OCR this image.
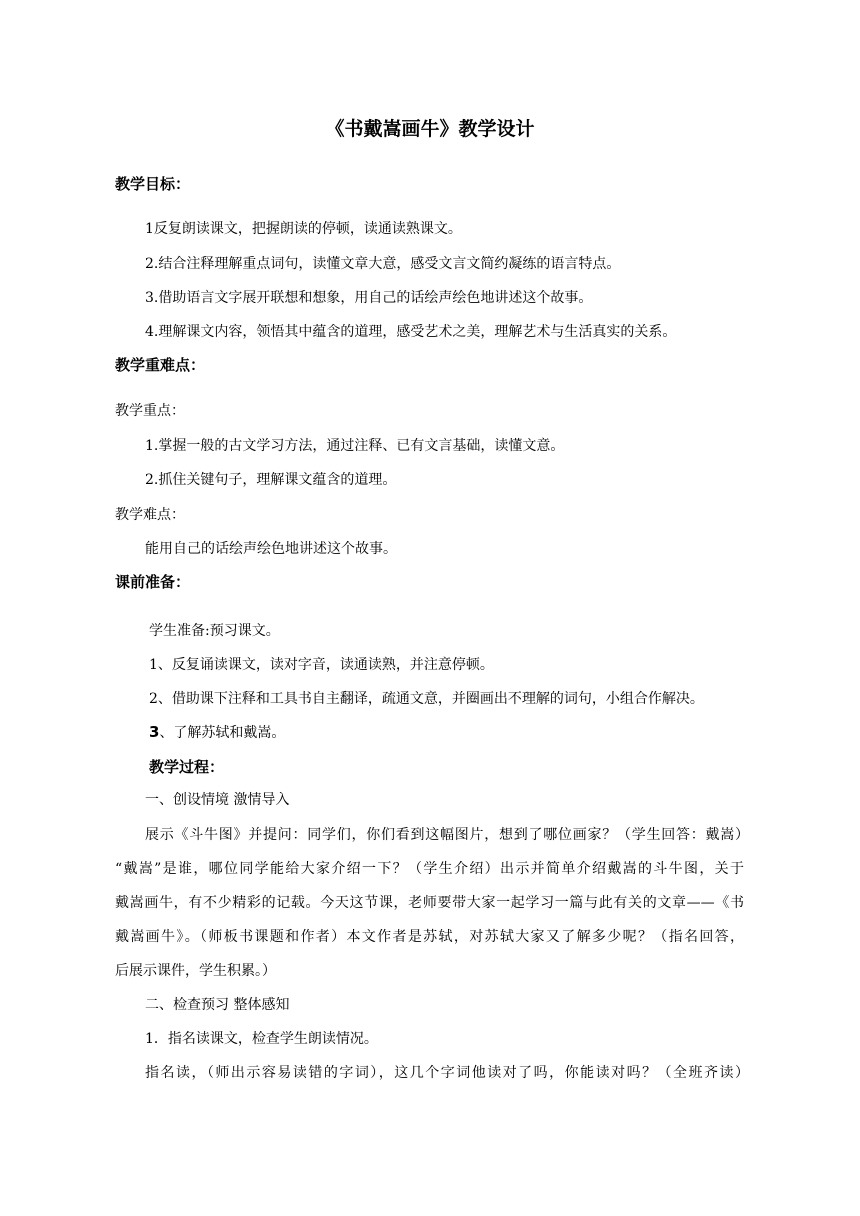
《书戴嵩画牛》教学设计
教学目标：
1反复朗读课文，把握朗读的停顿，读通读熟课文。
2.结合注释理解重点词句，读懂文章大意，感受文言文简约凝练的语言特点。
3.借助语言文字展开联想和想象，用自己的话绘声绘色地讲述这个故事。
4.理解课文内容，领悟其中蕴含的道理，感受艺术之美，理解艺术与生活真实的关系。
教学重难点：
教学重点：
1.掌握一般的古文学习方法，通过注释、已有文言基础，读懂文意。
2.抓住关键句子，理解课文蕴含的道理。
教学难点：
能用自己的话绘声绘色地讲述这个故事。
课前准备：
学生准备:预习课文。
1、反复诵读课文，读对字音，读通读熟，并注意停顿。
2、借助课下注释和工具书自主翻译，疏通文意，并圈画出不理解的词句，小组合作解决。
3、了解苏轼和戴嵩。
教学过程：
一、创设情境 激情导入
展示《斗牛图》并提问：同学们，你们看到这幅图片，想到了哪位画家？（学生回答：戴嵩）
“戴嵩”是谁，哪位同学能给大家介绍一下？（学生介绍）出示并简单介绍戴嵩的斗牛图，关于
戴嵩画牛，有不少精彩的记载。今天这节课，老师要带大家一起学习一篇与此有关的文章——《书
戴嵩画牛》。（师板书课题和作者）本文作者是苏轼，对苏轼大家又了解多少呢？（指名回答，
后展示课件，学生积累。）
二、检查预习 整体感知
1．指名读课文，检查学生朗读情况。
指名读，（师出示容易读错的字词），这几个字词他读对了吗，你能读对吗？（全班齐读）
